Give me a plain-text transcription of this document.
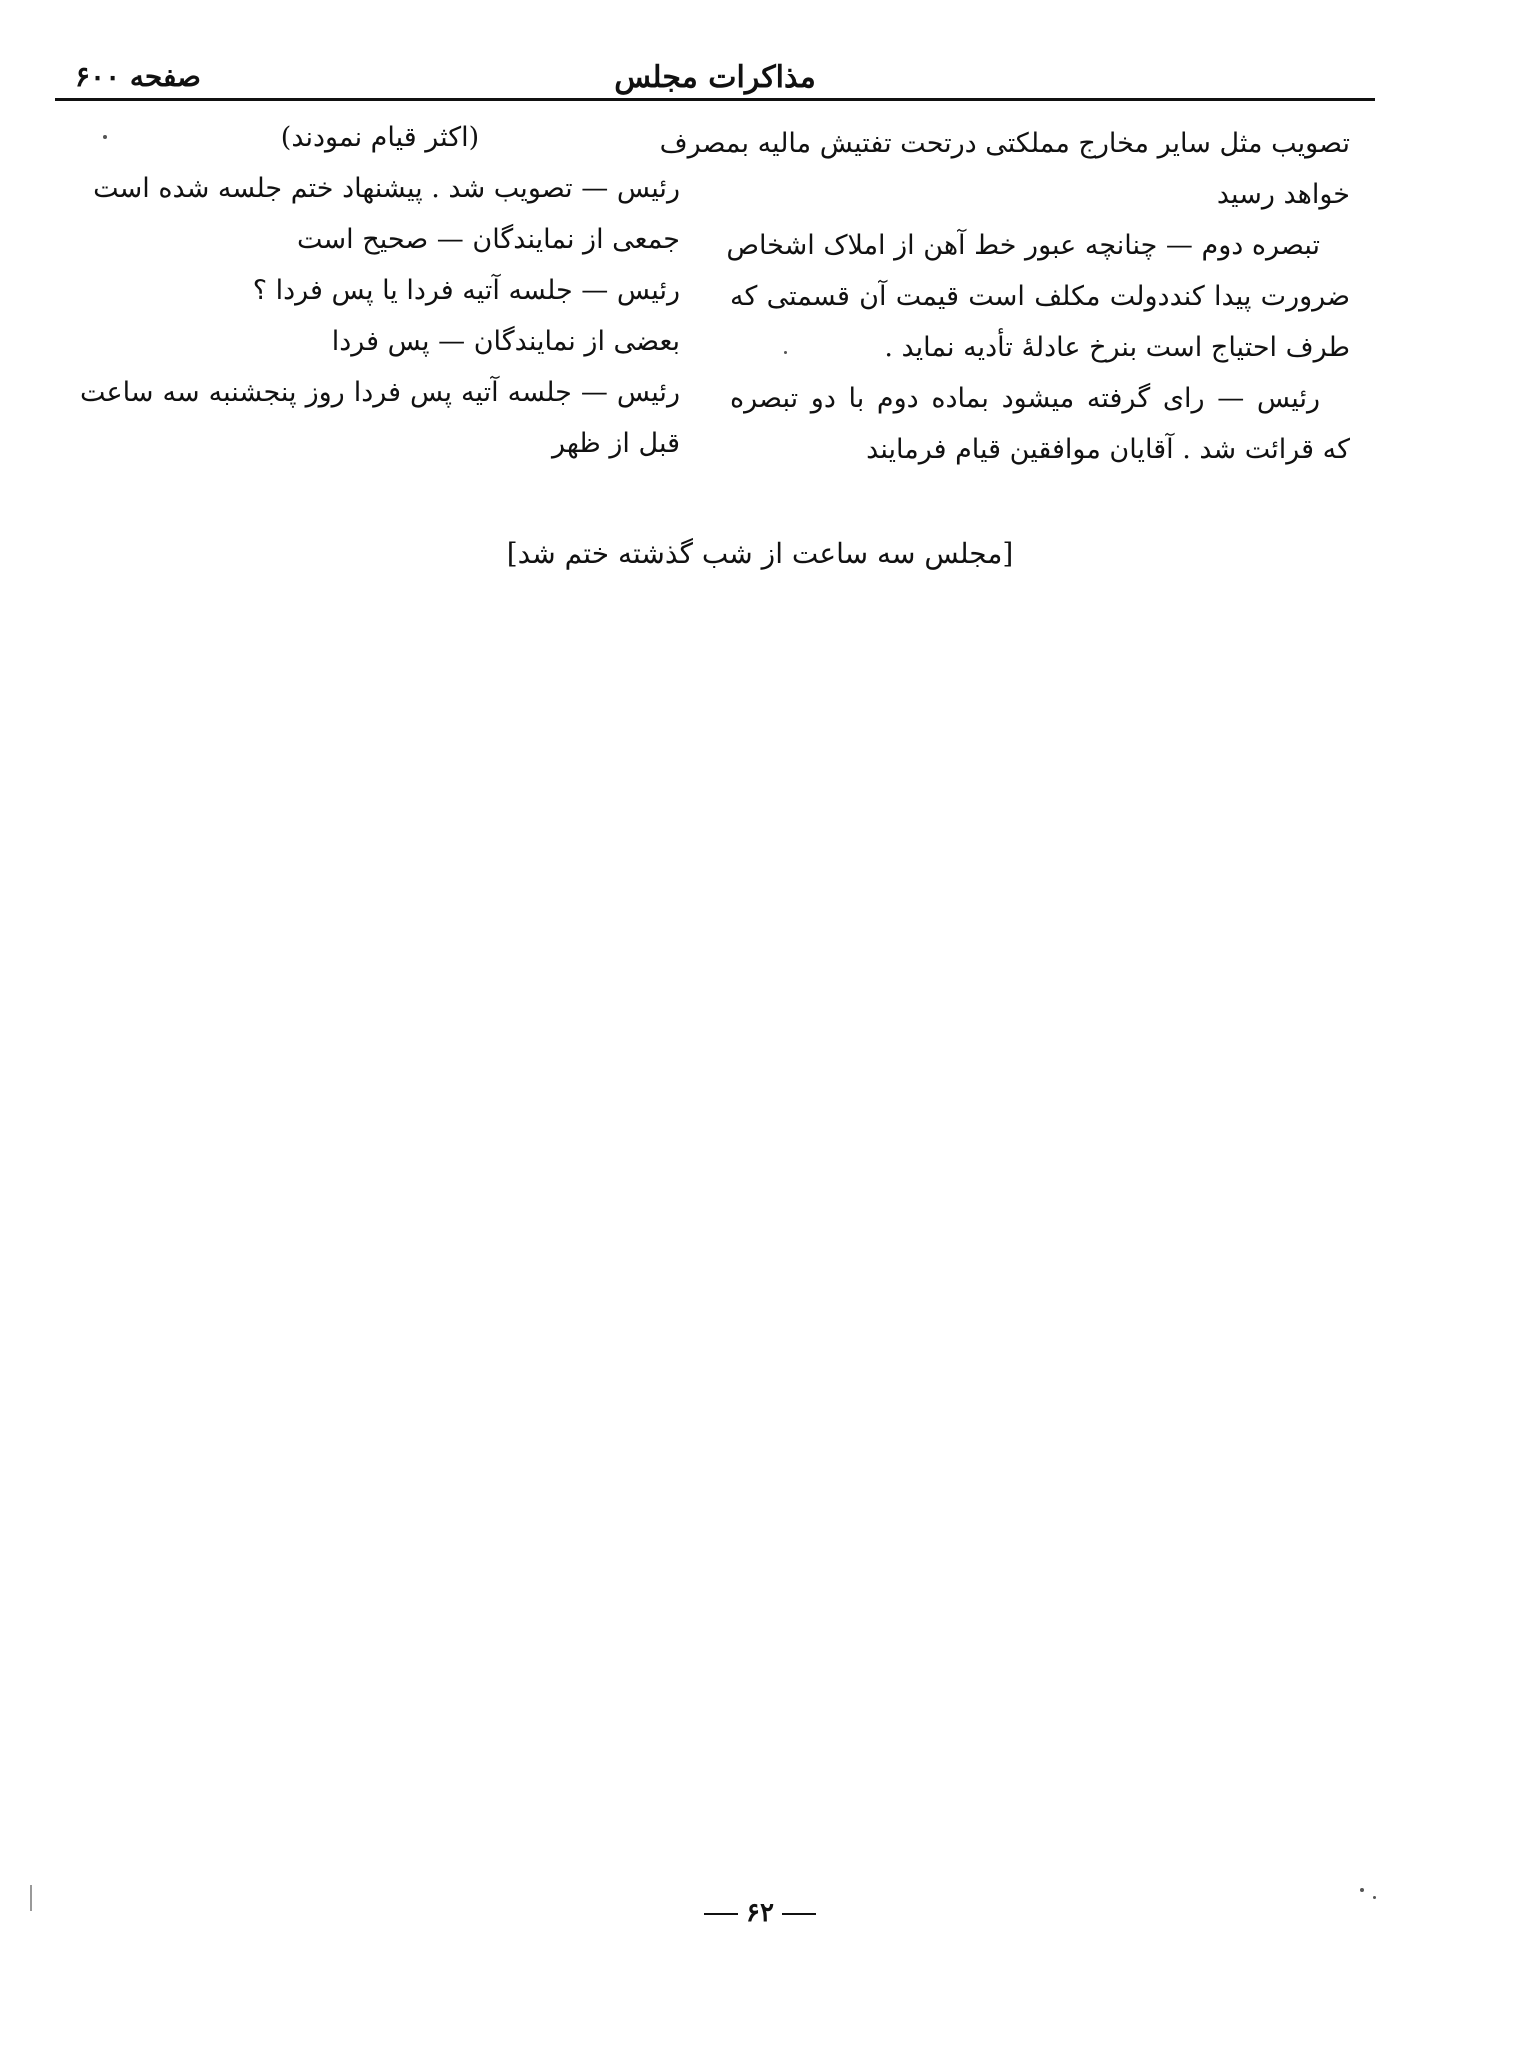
صفحه ۶۰۰	مذاکرات مجلس

تصویب مثل سایر مخارج مملکتی درتحت تفتیش مالیه بمصرف

خواهد رسید

تبصره دوم — چنانچه عبور خط آهن از املاک اشخاص

ضرورت پیدا کنددولت مکلف است قیمت آن قسمتی که

طرف احتیاج است بنرخ عادلهٔ تأدیه نماید .

رئیس — رای گرفته میشود بماده دوم با دو تبصره

که قرائت شد . آقایان موافقین قیام فرمایند

(اکثر قیام نمودند)

رئیس — تصویب شد . پیشنهاد ختم جلسه شده است

جمعی از نمایندگان — صحیح است

رئیس — جلسه آتیه فردا یا پس فردا ؟

بعضی از نمایندگان — پس فردا

رئیس — جلسه آتیه پس فردا روز پنجشنبه سه ساعت

قبل از ظهر

[مجلس سه ساعت از شب گذشته ختم شد]
۶۲
